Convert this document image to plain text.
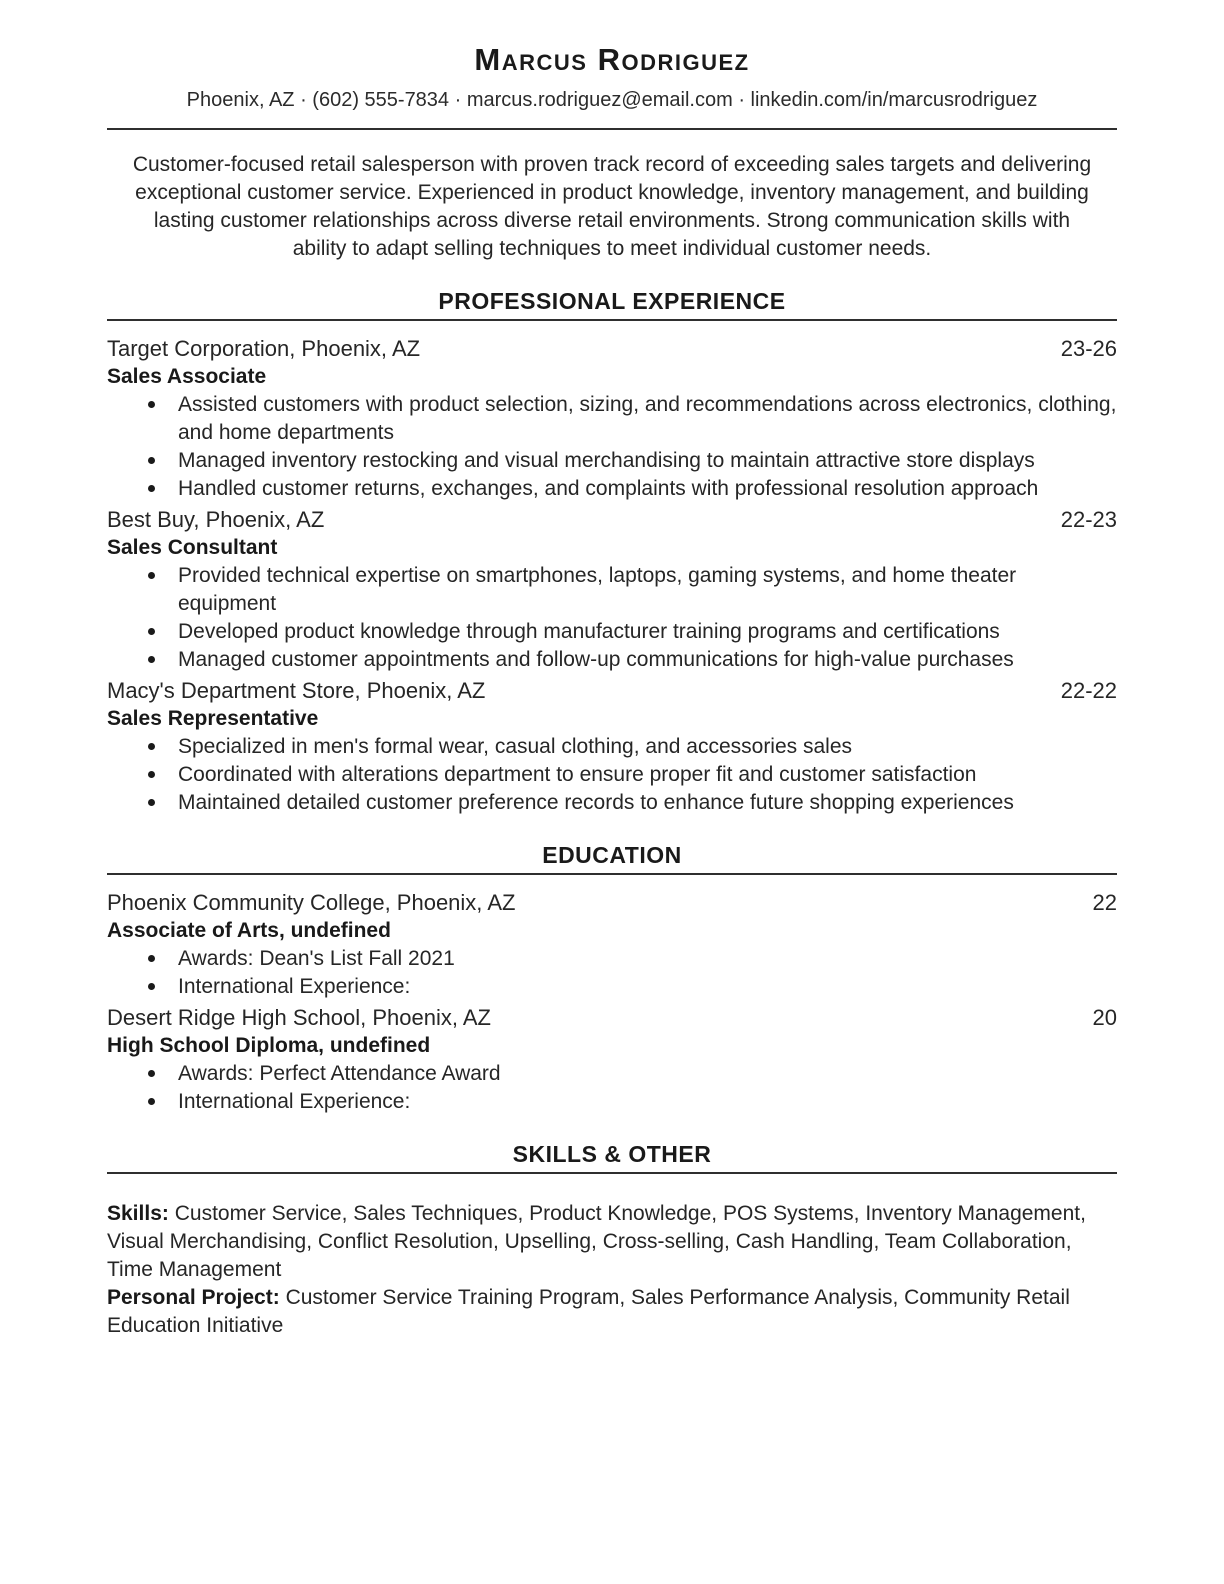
Marcus Rodriguez
Phoenix, AZ · (602) 555-7834 · marcus.rodriguez@email.com · linkedin.com/in/marcusrodriguez

Customer-focused retail salesperson with proven track record of exceeding sales targets and delivering exceptional customer service. Experienced in product knowledge, inventory management, and building lasting customer relationships across diverse retail environments. Strong communication skills with ability to adapt selling techniques to meet individual customer needs.

PROFESSIONAL EXPERIENCE
Target Corporation, Phoenix, AZ	23-26
Sales Associate
Assisted customers with product selection, sizing, and recommendations across electronics, clothing, and home departments
Managed inventory restocking and visual merchandising to maintain attractive store displays
Handled customer returns, exchanges, and complaints with professional resolution approach
Best Buy, Phoenix, AZ	22-23
Sales Consultant
Provided technical expertise on smartphones, laptops, gaming systems, and home theater equipment
Developed product knowledge through manufacturer training programs and certifications
Managed customer appointments and follow-up communications for high-value purchases
Macy's Department Store, Phoenix, AZ	22-22
Sales Representative
Specialized in men's formal wear, casual clothing, and accessories sales
Coordinated with alterations department to ensure proper fit and customer satisfaction
Maintained detailed customer preference records to enhance future shopping experiences
EDUCATION
Phoenix Community College, Phoenix, AZ	22
Associate of Arts, undefined
Awards: Dean's List Fall 2021
International Experience:
Desert Ridge High School, Phoenix, AZ	20
High School Diploma, undefined
Awards: Perfect Attendance Award
International Experience:
SKILLS & OTHER

Skills: Customer Service, Sales Techniques, Product Knowledge, POS Systems, Inventory Management, Visual Merchandising, Conflict Resolution, Upselling, Cross-selling, Cash Handling, Team Collaboration, Time Management

Personal Project: Customer Service Training Program, Sales Performance Analysis, Community Retail Education Initiative
